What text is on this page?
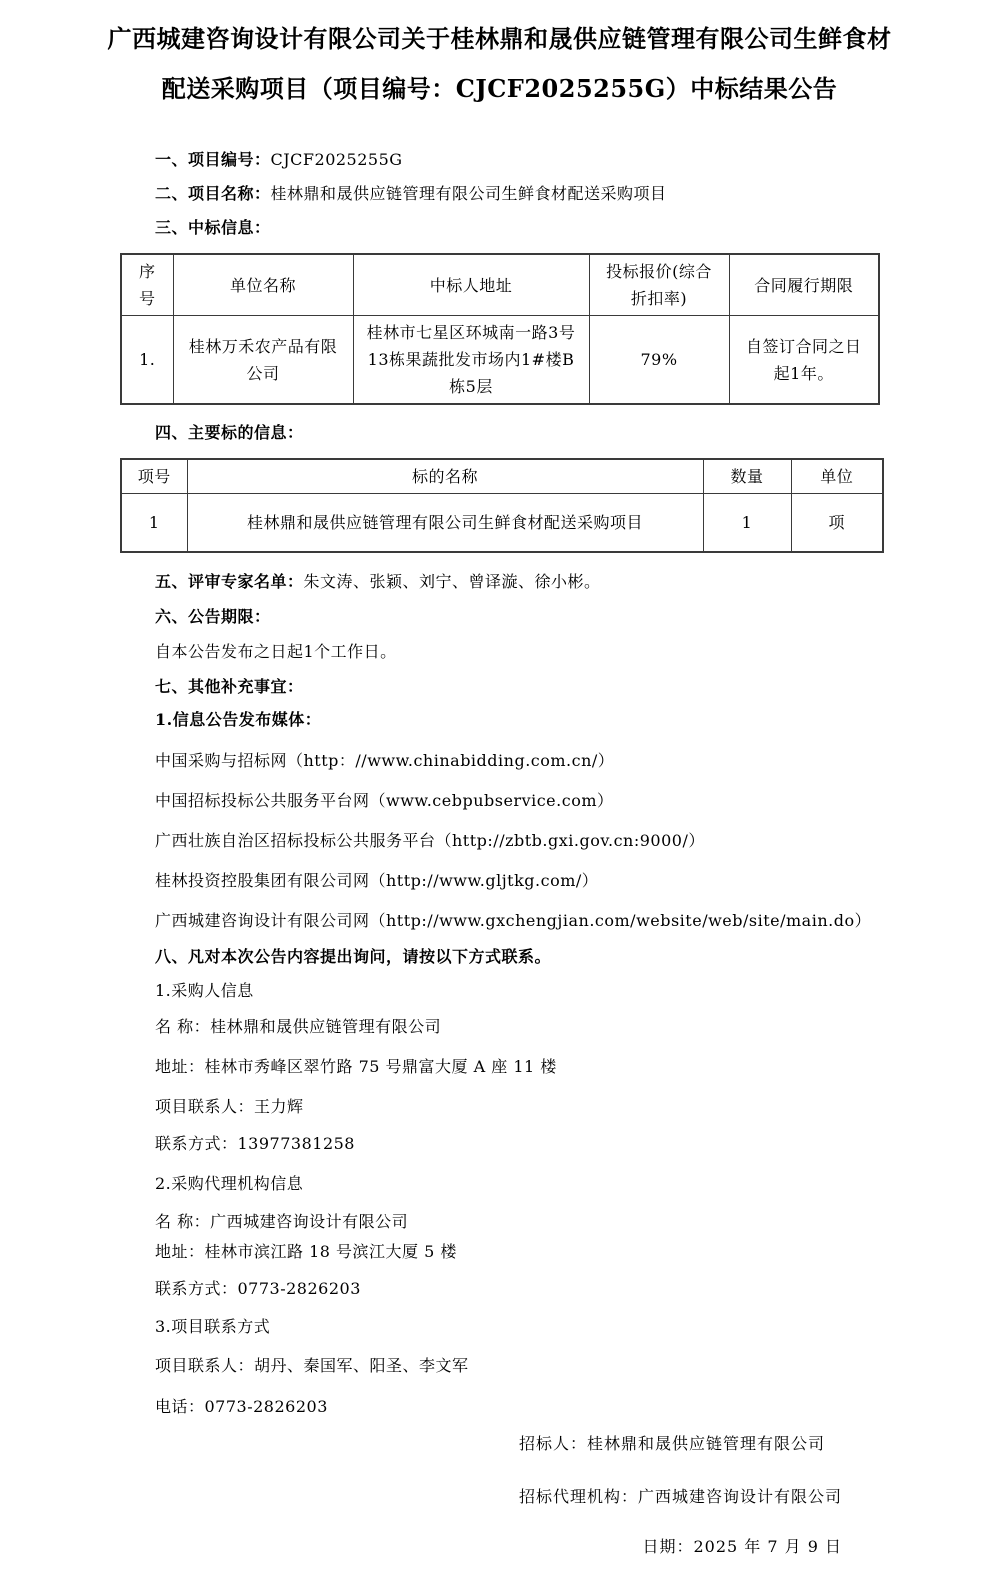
广西城建咨询设计有限公司关于桂林鼎和晟供应链管理有限公司生鲜食材
配送采购项目（项目编号：CJCF2025255G）中标结果公告
一、项目编号：CJCF2025255G
二、项目名称：桂林鼎和晟供应链管理有限公司生鲜食材配送采购项目
三、中标信息：
序号	单位名称	中标人地址	投标报价(综合折扣率)	合同履行期限
1.	桂林万禾农产品有限公司	桂林市七星区环城南一路3号13栋果蔬批发市场内1#楼B栋5层	79%	自签订合同之日起1年。
四、主要标的信息：
项号	标的名称	数量	单位
1	桂林鼎和晟供应链管理有限公司生鲜食材配送采购项目	1	项
五、评审专家名单：朱文涛、张颖、刘宁、曾译漩、徐小彬。
六、公告期限：
自本公告发布之日起1个工作日。
七、其他补充事宜：
1.信息公告发布媒体：
中国采购与招标网（http：//www.chinabidding.com.cn/）
中国招标投标公共服务平台网（www.cebpubservice.com）
广西壮族自治区招标投标公共服务平台（http://zbtb.gxi.gov.cn:9000/）
桂林投资控股集团有限公司网（http://www.gljtkg.com/）
广西城建咨询设计有限公司网（http://www.gxchengjian.com/website/web/site/main.do）
八、凡对本次公告内容提出询问，请按以下方式联系。
1.采购人信息
名 称：桂林鼎和晟供应链管理有限公司
地址：桂林市秀峰区翠竹路 75 号鼎富大厦 A 座 11 楼
项目联系人：王力辉
联系方式：13977381258
2.采购代理机构信息
名 称：广西城建咨询设计有限公司
地址：桂林市滨江路 18 号滨江大厦 5 楼
联系方式：0773-2826203
3.项目联系方式
项目联系人：胡丹、秦国军、阳圣、李文军
电话：0773-2826203
招标人：桂林鼎和晟供应链管理有限公司
招标代理机构：广西城建咨询设计有限公司
日期：2025 年 7 月 9 日
